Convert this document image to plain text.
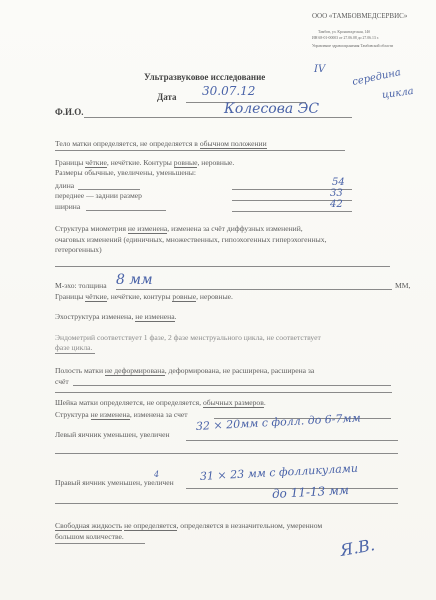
ООО «ТАМБОВМЕДСЕРВИС»
Тамбов, ул. Кронштадтская, 14б
ИН 68-01-00003 от 27.06.08 до 27.06.13 г.
Управление здравоохранения Тамбовской области
Ультразвуковое исследование
IV	середина
цикла
Дата 30.07.12
Ф.И.О.	Колесова ЭС
Тело матки определяется, не определяется в обычном положении
Границы чёткие, нечёткие. Контуры ровные, неровные.
Размеры обычные, увеличены, уменьшены:
длина	54
переднее — заднии размер	33
ширина	42
Структура миометрия не изменена, изменена за счёт диффузных изменений,
очаговых изменений (единичных, множественных, гипоэхогенных гиперэхогенных,
гетерогенных)
М-эхо: толщина 8 мм	ММ,
Границы чёткие, нечёткие, контуры ровные, неровные.
Эхоструктура изменена, не изменена.
Эндометрий соответствует 1 фазе, 2 фазе менструального цикла, не соответствует
фазе цикла.
Полость матки не деформирована, деформирована, не расширена, расширена за
счёт
Шейка матки определяется, не определяется, обычных размеров.
Структура не изменена, изменена за счет
Левый яичник уменьшен, увеличен
32 × 20мм с фолл. до 6-7мм
Правый яичник уменьшен, увеличен
4	31 × 23 мм с фолликулами
до 11-13 мм
Свободная жидкость не определяется, определяется в незначительном, умеренном
большом количестве.	Я.В.
